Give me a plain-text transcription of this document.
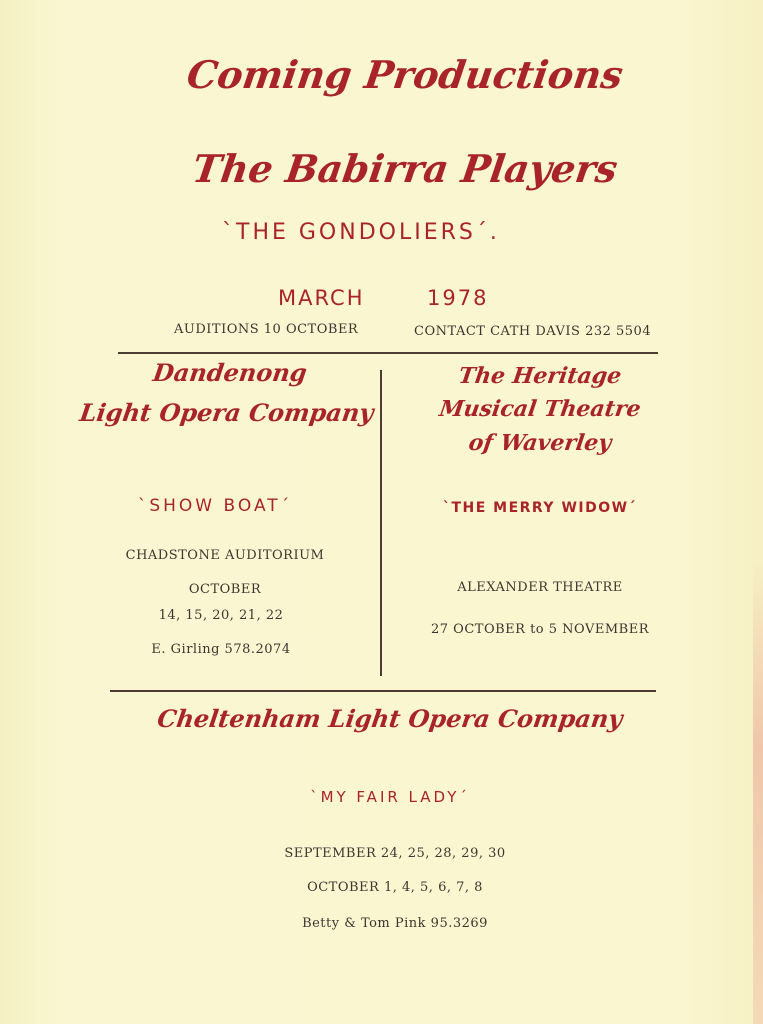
Coming Productions
The Babirra Players
`THE GONDOLIERS´.
MARCH	1978
AUDITIONS 10 OCTOBER	CONTACT CATH DAVIS 232 5504
Dandenong
Light Opera Company
`SHOW BOAT´
CHADSTONE AUDITORIUM
OCTOBER
14, 15, 20, 21, 22
E. Girling 578.2074
The Heritage
Musical Theatre
of Waverley
`THE MERRY WIDOW´
ALEXANDER THEATRE
27 OCTOBER to 5 NOVEMBER
Cheltenham Light Opera Company
`MY FAIR LADY´
SEPTEMBER 24, 25, 28, 29, 30
OCTOBER 1, 4, 5, 6, 7, 8
Betty & Tom Pink 95.3269
